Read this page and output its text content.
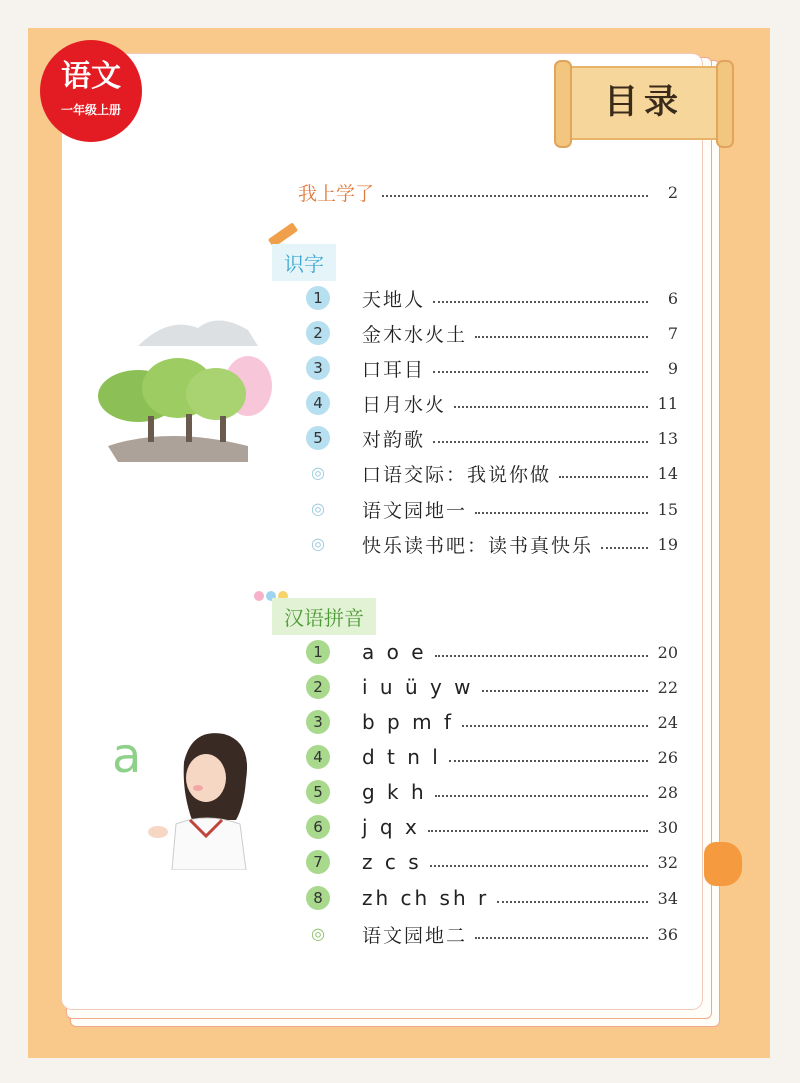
语文
一年级上册	目录
我上学了	2
识字
汉语拼音
1	天地人	6
2	金木水火土	7
3	口耳目	9
4	日月水火	11
5	对韵歌	13
◎ 口语交际：我说你做	14
◎ 语文园地一	15
◎ 快乐读书吧：读书真快乐	19
1	a o e	20
2	i u ü y w	22
3	b p m f	24
4	d t n l	26
5	g k h	28
6	j q x	30
7	z c s	32
8	zh ch sh r	34
◎ 语文园地二	36
a
